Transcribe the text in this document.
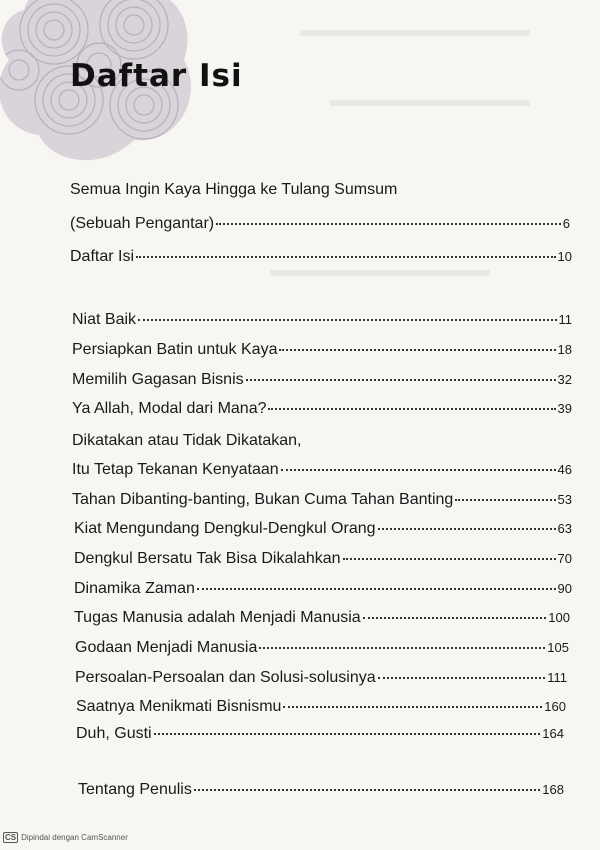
Daftar Isi
Semua Ingin Kaya Hingga ke Tulang Sumsum
(Sebuah Pengantar)	6
Daftar Isi	10
Niat Baik	11
Persiapkan Batin untuk Kaya	18
Memilih Gagasan Bisnis	32
Ya Allah, Modal dari Mana?	39
Dikatakan atau Tidak Dikatakan,
Itu Tetap Tekanan Kenyataan	46
Tahan Dibanting-banting, Bukan Cuma Tahan Banting	53
Kiat Mengundang Dengkul-Dengkul Orang	63
Dengkul Bersatu Tak Bisa Dikalahkan	70
Dinamika Zaman	90
Tugas Manusia adalah Menjadi Manusia	100
Godaan Menjadi Manusia	105
Persoalan-Persoalan dan Solusi-solusinya	111
Saatnya Menikmati Bisnismu	160
Duh, Gusti	164
Tentang Penulis	168
CS Dipindai dengan CamScanner
